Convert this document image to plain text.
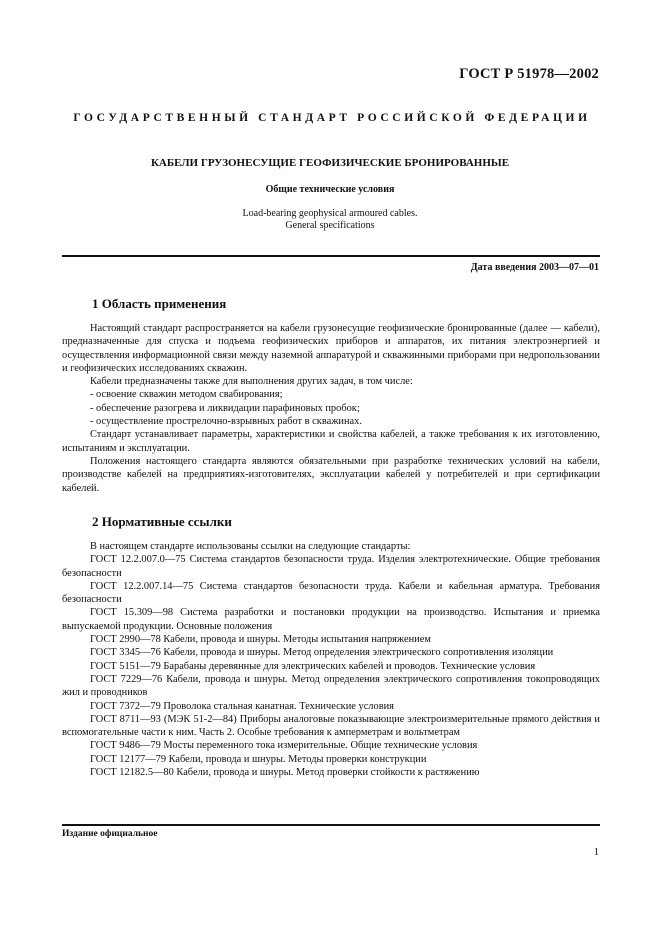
ГОСТ Р 51978—2002
ГОСУДАРСТВЕННЫЙ СТАНДАРТ РОССИЙСКОЙ ФЕДЕРАЦИИ
КАБЕЛИ ГРУЗОНЕСУЩИЕ ГЕОФИЗИЧЕСКИЕ БРОНИРОВАННЫЕ
Общие технические условия
Load-bearing geophysical armoured cables.
General specifications
Дата введения 2003—07—01
1 Область применения

Настоящий стандарт распространяется на кабели грузонесущие геофизические бронированные (далее — кабели), предназначенные для спуска и подъема геофизических приборов и аппаратов, их питания электроэнергией и осуществления информационной связи между наземной аппаратурой и скважинными приборами при недропользовании и геофизических исследованиях скважин.

Кабели предназначены также для выполнения других задач, в том числе:

- освоение скважин методом свабирования;

- обеспечение разогрева и ликвидации парафиновых пробок;

- осуществление прострелочно-взрывных работ в скважинах.

Стандарт устанавливает параметры, характеристики и свойства кабелей, а также требования к их изготовлению, испытаниям и эксплуатации.

Положения настоящего стандарта являются обязательными при разработке технических условий на кабели, производстве кабелей на предприятиях-изготовителях, эксплуатации кабелей у потребителей и при сертификации кабелей.

2 Нормативные ссылки

В настоящем стандарте использованы ссылки на следующие стандарты:

ГОСТ 12.2.007.0—75 Система стандартов безопасности труда. Изделия электротехнические. Общие требования безопасности

ГОСТ 12.2.007.14—75 Система стандартов безопасности труда. Кабели и кабельная арматура. Требования безопасности

ГОСТ 15.309—98 Система разработки и постановки продукции на производство. Испытания и приемка выпускаемой продукции. Основные положения

ГОСТ 2990—78 Кабели, провода и шнуры. Методы испытания напряжением

ГОСТ 3345—76 Кабели, провода и шнуры. Метод определения электрического сопротивления изоляции

ГОСТ 5151—79 Барабаны деревянные для электрических кабелей и проводов. Технические условия

ГОСТ 7229—76 Кабели, провода и шнуры. Метод определения электрического сопротивления токопроводящих жил и проводников

ГОСТ 7372—79 Проволока стальная канатная. Технические условия

ГОСТ 8711—93 (МЭК 51-2—84) Приборы аналоговые показывающие электроизмерительные прямого действия и вспомогательные части к ним. Часть 2. Особые требования к амперметрам и вольтметрам

ГОСТ 9486—79 Мосты переменного тока измерительные. Общие технические условия

ГОСТ 12177—79 Кабели, провода и шнуры. Методы проверки конструкции

ГОСТ 12182.5—80 Кабели, провода и шнуры. Метод проверки стойкости к растяжению

Издание официальное
1
